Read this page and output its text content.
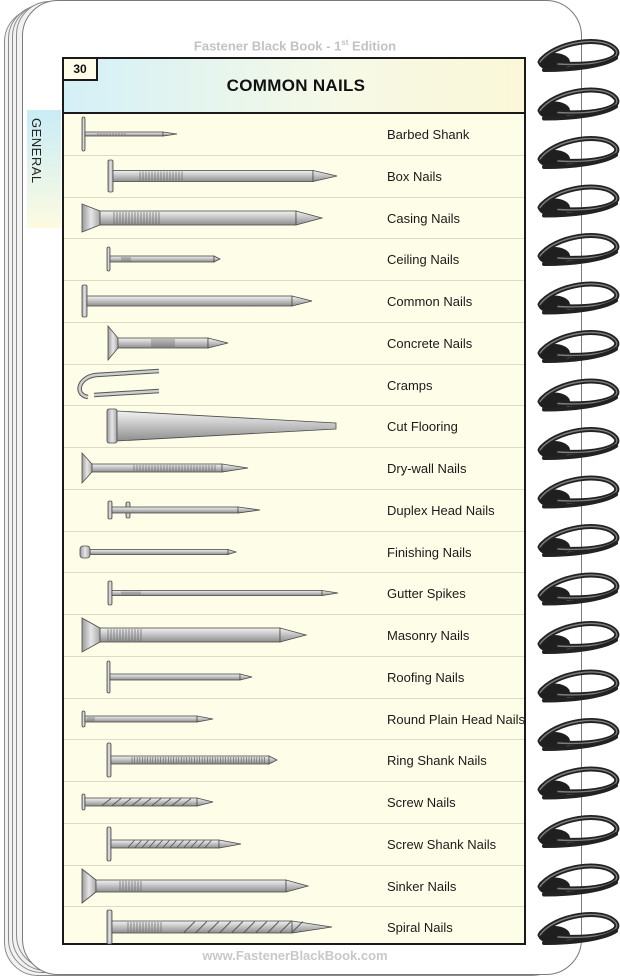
Fastener Black Book - 1st Edition
GENERAL
30
COMMON NAILS
Barbed Shank
Box Nails
Casing Nails
Ceiling Nails
Common Nails
Concrete Nails
Cramps
Cut Flooring
Dry-wall Nails
Duplex Head Nails
Finishing Nails
Gutter Spikes
Masonry Nails
Roofing Nails
Round Plain Head Nails
Ring Shank Nails
Screw Nails
Screw Shank Nails
Sinker Nails
Spiral Nails
www.FastenerBlackBook.com
